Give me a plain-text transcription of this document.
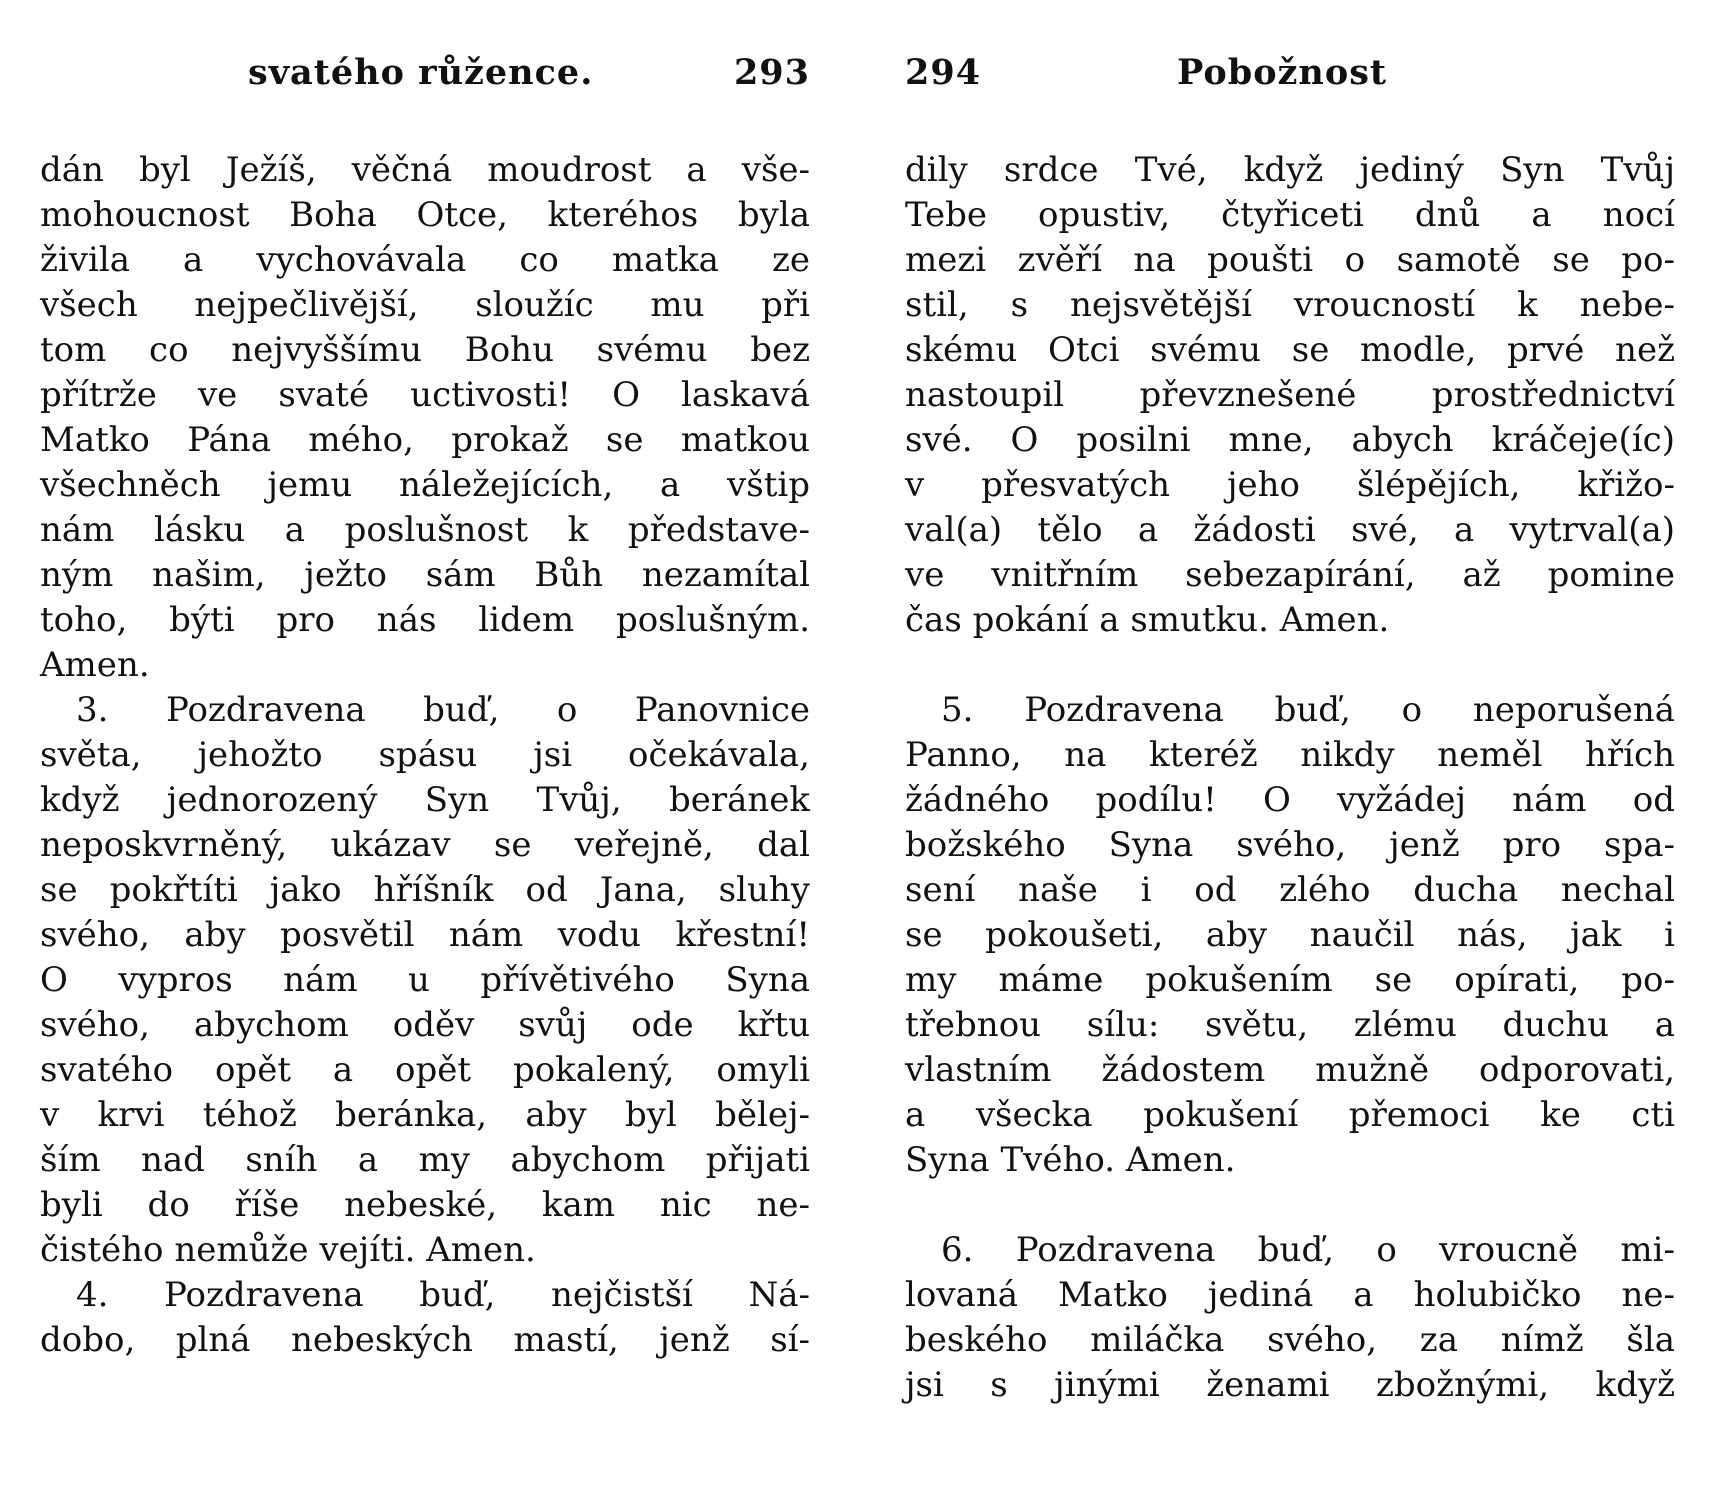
svatého růžence.	293
dán byl Ježíš, věčná moudrost a vše-
mohoucnost Boha Otce, kteréhos byla
živila a vychovávala co matka ze
všech nejpečlivější, sloužíc mu při
tom co nejvyššímu Bohu svému bez
přítrže ve svaté uctivosti! O laskavá
Matko Pána mého, prokaž se matkou
všechněch jemu náležejících, a vštip
nám lásku a poslušnost k představe-
ným našim, ježto sám Bůh nezamítal
toho, býti pro nás lidem poslušným.
Amen.
3. Pozdravena buď, o Panovnice
světa, jehožto spásu jsi očekávala,
když jednorozený Syn Tvůj, beránek
neposkvrněný, ukázav se veřejně, dal
se pokřtíti jako hříšník od Jana, sluhy
svého, aby posvětil nám vodu křestní!
O vypros nám u přívětivého Syna
svého, abychom oděv svůj ode křtu
svatého opět a opět pokalený, omyli
v krvi téhož beránka, aby byl bělej-
ším nad sníh a my abychom přijati
byli do říše nebeské, kam nic ne-
čistého nemůže vejíti. Amen.
4. Pozdravena buď, nejčistší Ná-
dobo, plná nebeských mastí, jenž sí-
294	Pobožnost
dily srdce Tvé, když jediný Syn Tvůj
Tebe opustiv, čtyřiceti dnů a nocí
mezi zvěří na poušti o samotě se po-
stil, s nejsvětější vroucností k nebe-
skému Otci svému se modle, prvé než
nastoupil převznešené prostřednictví
své. O posilni mne, abych kráčeje(íc)
v přesvatých jeho šlépějích, křižo-
val(a) tělo a žádosti své, a vytrval(a)
ve vnitřním sebezapírání, až pomine
čas pokání a smutku. Amen.
5. Pozdravena buď, o neporušená
Panno, na kteréž nikdy neměl hřích
žádného podílu! O vyžádej nám od
božského Syna svého, jenž pro spa-
sení naše i od zlého ducha nechal
se pokoušeti, aby naučil nás, jak i
my máme pokušením se opírati, po-
třebnou sílu: světu, zlému duchu a
vlastním žádostem mužně odporovati,
a všecka pokušení přemoci ke cti
Syna Tvého. Amen.
6. Pozdravena buď, o vroucně mi-
lovaná Matko jediná a holubičko ne-
beského miláčka svého, za nímž šla
jsi s jinými ženami zbožnými, když
